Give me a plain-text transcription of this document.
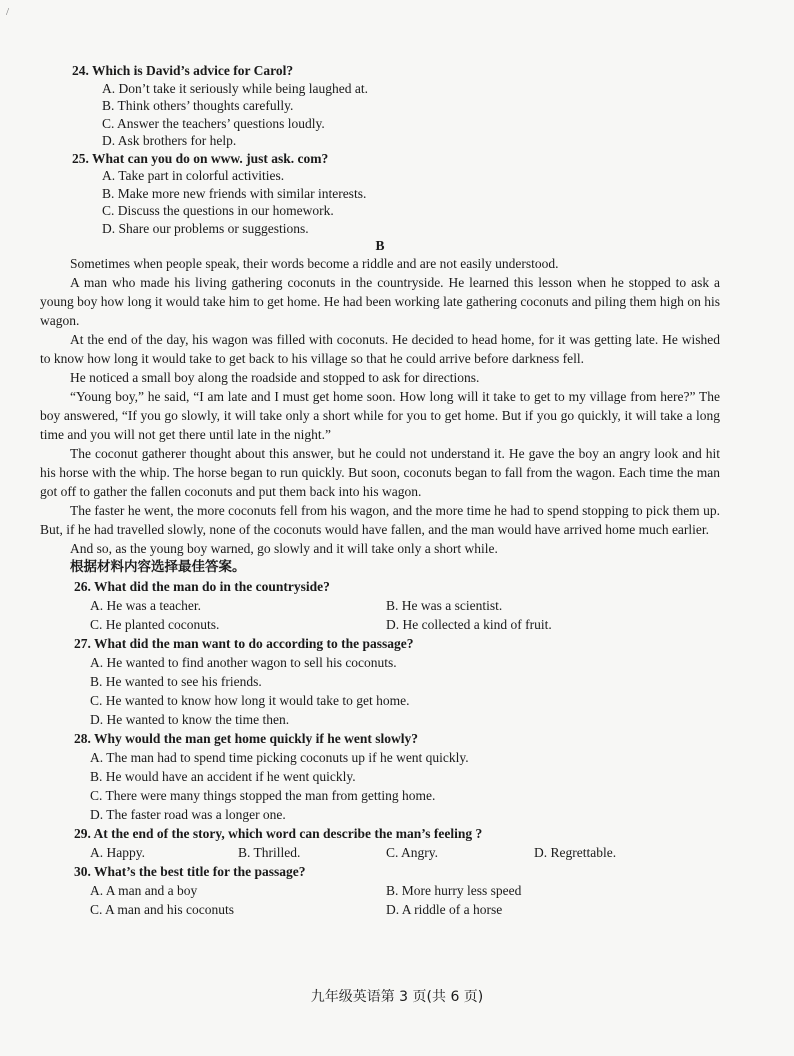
/
24. Which is David’s advice for Carol?
A. Don’t take it seriously while being laughed at.
B. Think others’ thoughts carefully.
C. Answer the teachers’ questions loudly.
D. Ask brothers for help.
25. What can you do on www. just ask. com?
A. Take part in colorful activities.
B. Make more new friends with similar interests.
C. Discuss the questions in our homework.
D. Share our problems or suggestions.
B

Sometimes when people speak, their words become a riddle and are not easily understood.

A man who made his living gathering coconuts in the countryside. He learned this lesson when he stopped to ask a young boy how long it would take him to get home. He had been working late gathering coconuts and piling them high on his wagon.

At the end of the day, his wagon was filled with coconuts. He decided to head home, for it was getting late. He wished to know how long it would take to get back to his village so that he could arrive before darkness fell.

He noticed a small boy along the roadside and stopped to ask for directions.

“Young boy,” he said, “I am late and I must get home soon. How long will it take to get to my village from here?” The boy answered, “If you go slowly, it will take only a short while for you to get home. But if you go quickly, it will take a long time and you will not get there until late in the night.”

The coconut gatherer thought about this answer, but he could not understand it. He gave the boy an angry look and hit his horse with the whip. The horse began to run quickly. But soon, coconuts began to fall from the wagon. Each time the man got off to gather the fallen coconuts and put them back into his wagon.

The faster he went, the more coconuts fell from his wagon, and the more time he had to spend stopping to pick them up. But, if he had travelled slowly, none of the coconuts would have fallen, and the man would have arrived home much earlier.

And so, as the young boy warned, go slowly and it will take only a short while.

根据材料内容选择最佳答案。
26. What did the man do in the countryside?
A. He was a teacher.	B. He was a scientist.
C. He planted coconuts.	D. He collected a kind of fruit.
27. What did the man want to do according to the passage?
A. He wanted to find another wagon to sell his coconuts.
B. He wanted to see his friends.
C. He wanted to know how long it would take to get home.
D. He wanted to know the time then.
28. Why would the man get home quickly if he went slowly?
A. The man had to spend time picking coconuts up if he went quickly.
B. He would have an accident if he went quickly.
C. There were many things stopped the man from getting home.
D. The faster road was a longer one.
29. At the end of the story, which word can describe the man’s feeling ?
A. Happy.	B. Thrilled.	C. Angry.	D. Regrettable.
30. What’s the best title for the passage?
A. A man and a boy	B. More hurry less speed
C. A man and his coconuts	D. A riddle of a horse
九年级英语第 3 页(共 6 页)
